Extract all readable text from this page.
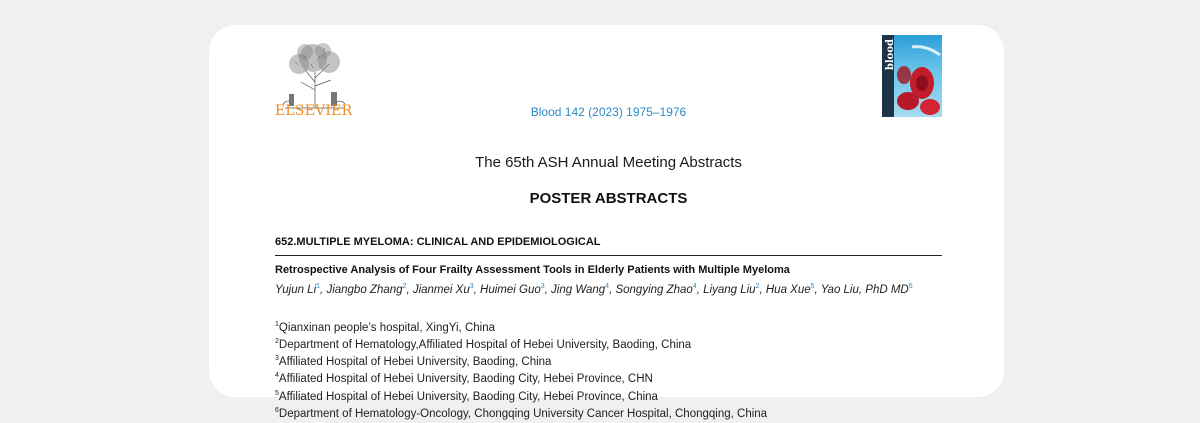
ELSEVIER
blood
Blood 142 (2023) 1975–1976
The 65th ASH Annual Meeting Abstracts
POSTER ABSTRACTS
652.MULTIPLE MYELOMA: CLINICAL AND EPIDEMIOLOGICAL
Retrospective Analysis of Four Frailty Assessment Tools in Elderly Patients with Multiple Myeloma
Yujun Li$^1$, Jiangbo Zhang$^2$, Jianmei Xu$^3$, Huimei Guo$^3$, Jing Wang$^4$, Songying Zhao$^4$, Liyang Liu$^2$, Hua Xue$^5$, Yao Liu, PhD $MD^6$
$^1$Qianxinan people’s hospital, XingYi, China
$^2$Department of Hematology,Affiliated Hospital of Hebei University, Baoding, China
$^3$Affiliated Hospital of Hebei University, Baoding, China
$^4$Affiliated Hospital of Hebei University, Baoding City, Hebei Province, CHN
$^5$Affiliated Hospital of Hebei University, Baoding City, Hebei Province, China
$^6$Department of Hematology-Oncology, Chongqing University Cancer Hospital, Chongqing, China
